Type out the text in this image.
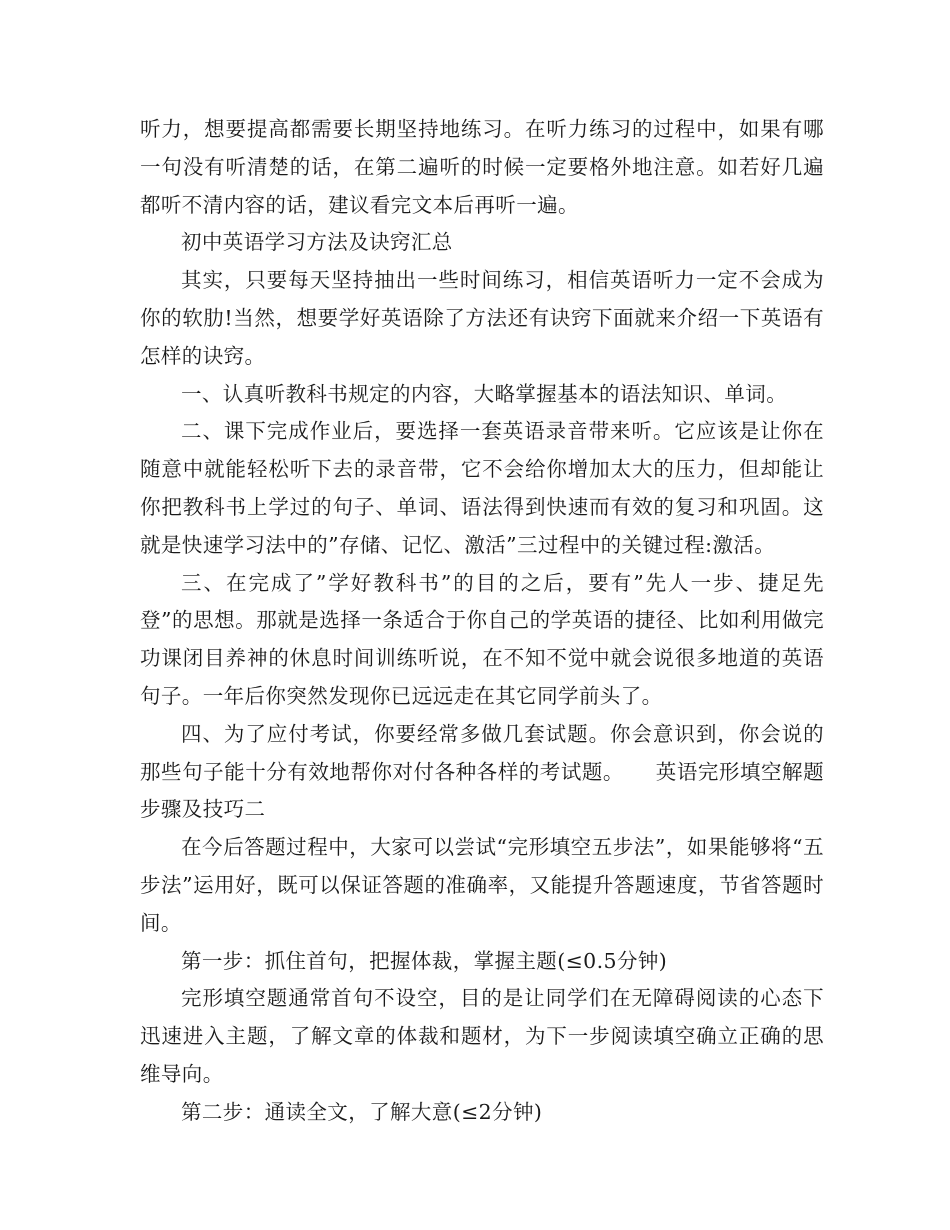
听力，想要提高都需要长期坚持地练习。在听力练习的过程中，如果有哪一句没有听清楚的话，在第二遍听的时候一定要格外地注意。如若好几遍都听不清内容的话，建议看完文本后再听一遍。

初中英语学习方法及诀窍汇总

其实，只要每天坚持抽出一些时间练习，相信英语听力一定不会成为你的软肋!当然，想要学好英语除了方法还有诀窍下面就来介绍一下英语有怎样的诀窍。

一、认真听教科书规定的内容，大略掌握基本的语法知识、单词。

二、课下完成作业后，要选择一套英语录音带来听。它应该是让你在随意中就能轻松听下去的录音带，它不会给你增加太大的压力，但却能让你把教科书上学过的句子、单词、语法得到快速而有效的复习和巩固。这就是快速学习法中的”存储、记忆、激活”三过程中的关键过程:激活。

三、在完成了”学好教科书”的目的之后，要有”先人一步、捷足先登”的思想。那就是选择一条适合于你自己的学英语的捷径、比如利用做完功课闭目养神的休息时间训练听说，在不知不觉中就会说很多地道的英语句子。一年后你突然发现你已远远走在其它同学前头了。

四、为了应付考试，你要经常多做几套试题。你会意识到，你会说的那些句子能十分有效地帮你对付各种各样的考试题。　　英语完形填空解题步骤及技巧二

在今后答题过程中，大家可以尝试“完形填空五步法”，如果能够将“五步法”运用好，既可以保证答题的准确率，又能提升答题速度，节省答题时间。

第一步：抓住首句，把握体裁，掌握主题(≤0.5分钟)

完形填空题通常首句不设空，目的是让同学们在无障碍阅读的心态下迅速进入主题，了解文章的体裁和题材，为下一步阅读填空确立正确的思维导向。

第二步：通读全文，了解大意(≤2分钟)
